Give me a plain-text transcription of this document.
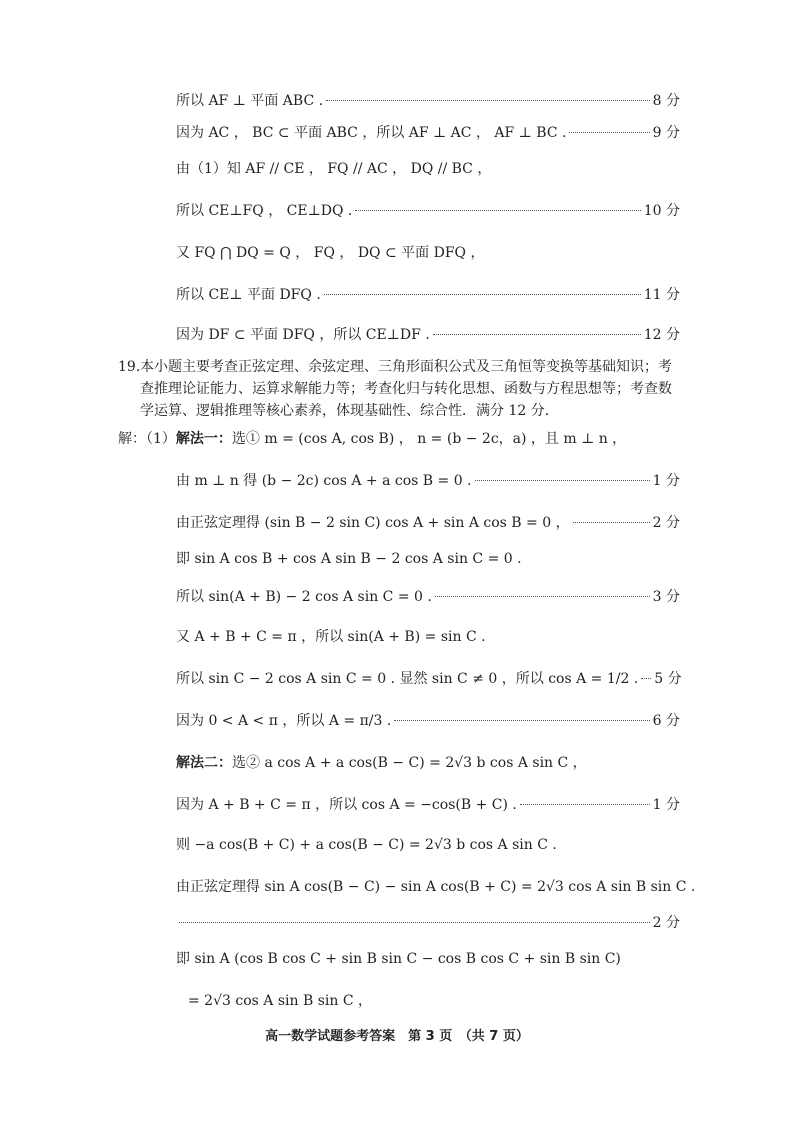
所以 AF ⊥ 平面 ABC .	8 分
因为 AC ， BC ⊂ 平面 ABC ，所以 AF ⊥ AC ， AF ⊥ BC .	9 分
由（1）知 AF // CE ， FQ // AC ， DQ // BC ，
所以 CE⊥FQ ， CE⊥DQ .	10 分
又 FQ ⋂ DQ = Q ， FQ ， DQ ⊂ 平面 DFQ ，
所以 CE⊥ 平面 DFQ .	11 分
因为 DF ⊂ 平面 DFQ ，所以 CE⊥DF .	12 分
19.本小题主要考查正弦定理、余弦定理、三角形面积公式及三角恒等变换等基础知识；考查推理论证能力、运算求解能力等；考查化归与转化思想、函数与方程思想等；考查数学运算、逻辑推理等核心素养，体现基础性、综合性．满分 12 分．
解：（1） 解法一： 选① m = (cos A, cos B) ， n = (b − 2c，a) ，且 m ⊥ n ，
由 m ⊥ n 得 (b − 2c) cos A + a cos B = 0 .	1 分
由正弦定理得 (sin B − 2 sin C) cos A + sin A cos B = 0 ，	2 分
即 sin A cos B + cos A sin B − 2 cos A sin C = 0 .
所以 sin(A + B) − 2 cos A sin C = 0 .	3 分
又 A + B + C = π ，所以 sin(A + B) = sin C .
所以 sin C − 2 cos A sin C = 0 . 显然 sin C ≠ 0 ，所以 cos A = 1/2 . 5 分
因为 0 < A < π ，所以 A = π/3 .	6 分
解法二： 选② a cos A + a cos(B − C) = 2√3 b cos A sin C ，
因为 A + B + C = π ，所以 cos A = −cos(B + C) .	1 分
则 −a cos(B + C) + a cos(B − C) = 2√3 b cos A sin C .
由正弦定理得 sin A cos(B − C) − sin A cos(B + C) = 2√3 cos A sin B sin C .
2 分
即 sin A (cos B cos C + sin B sin C − cos B cos C + sin B sin C)
= 2√3 cos A sin B sin C ，
高一数学试题参考答案　第 3 页　（共 7 页）
